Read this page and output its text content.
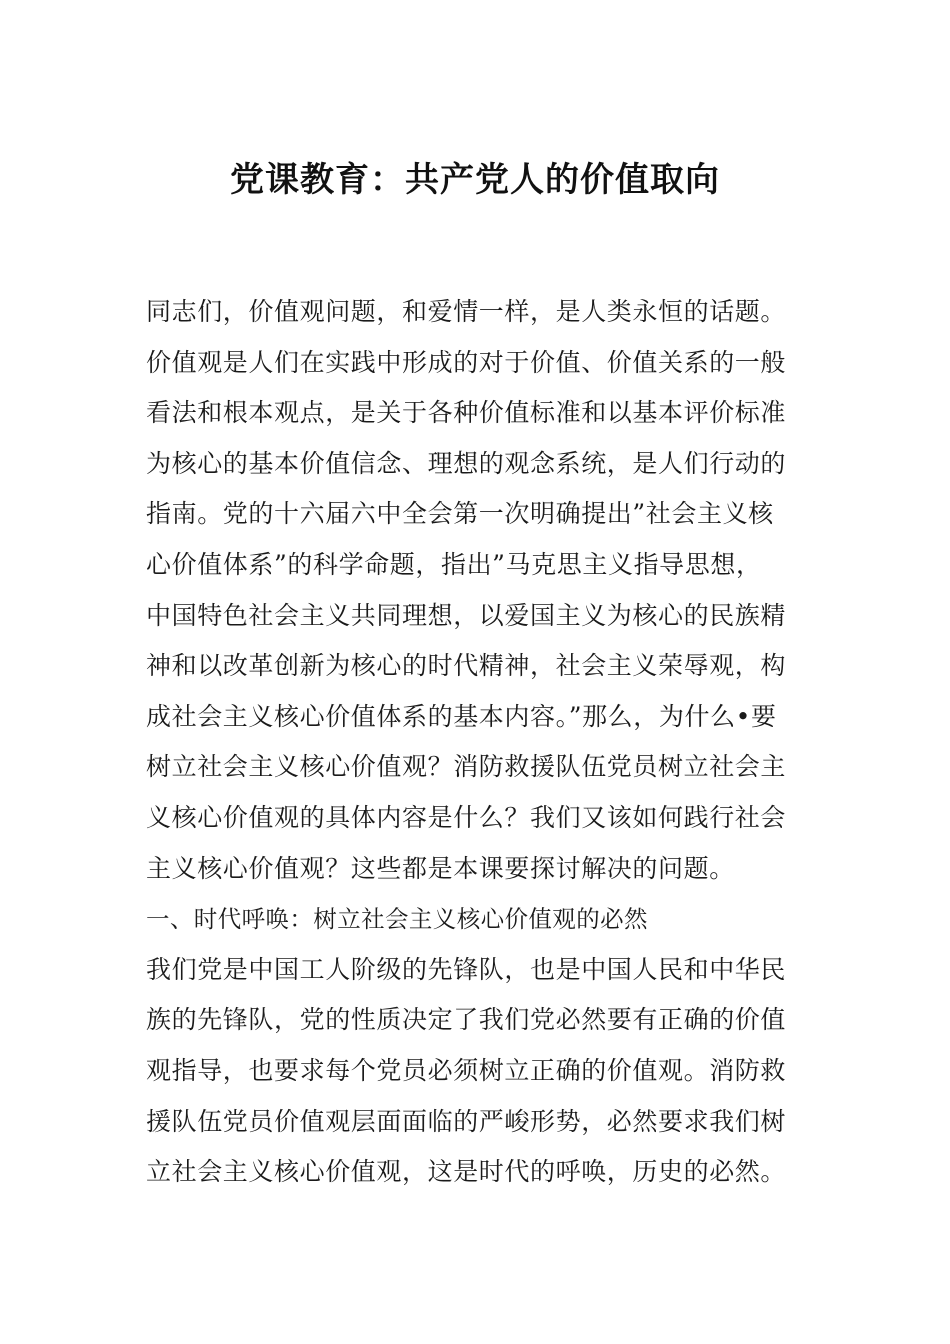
党课教育：共产党人的价值取向

同志们，价值观问题，和爱情一样，是人类永恒的话题。

价值观是人们在实践中形成的对于价值、价值关系的一般

看法和根本观点，是关于各种价值标准和以基本评价标准

为核心的基本价值信念、理想的观念系统，是人们行动的

指南。党的十六届六中全会第一次明确提出”社会主义核

心价值体系”的科学命题，指出”马克思主义指导思想，

中国特色社会主义共同理想，以爱国主义为核心的民族精

神和以改革创新为核心的时代精神，社会主义荣辱观，构

成社会主义核心价值体系的基本内容。”那么，为什么•要

树立社会主义核心价值观？消防救援队伍党员树立社会主

义核心价值观的具体内容是什么？我们又该如何践行社会

主义核心价值观？这些都是本课要探讨解决的问题。

一、时代呼唤：树立社会主义核心价值观的必然

我们党是中国工人阶级的先锋队，也是中国人民和中华民

族的先锋队，党的性质决定了我们党必然要有正确的价值

观指导，也要求每个党员必须树立正确的价值观。消防救

援队伍党员价值观层面面临的严峻形势，必然要求我们树

立社会主义核心价值观，这是时代的呼唤，历史的必然。
